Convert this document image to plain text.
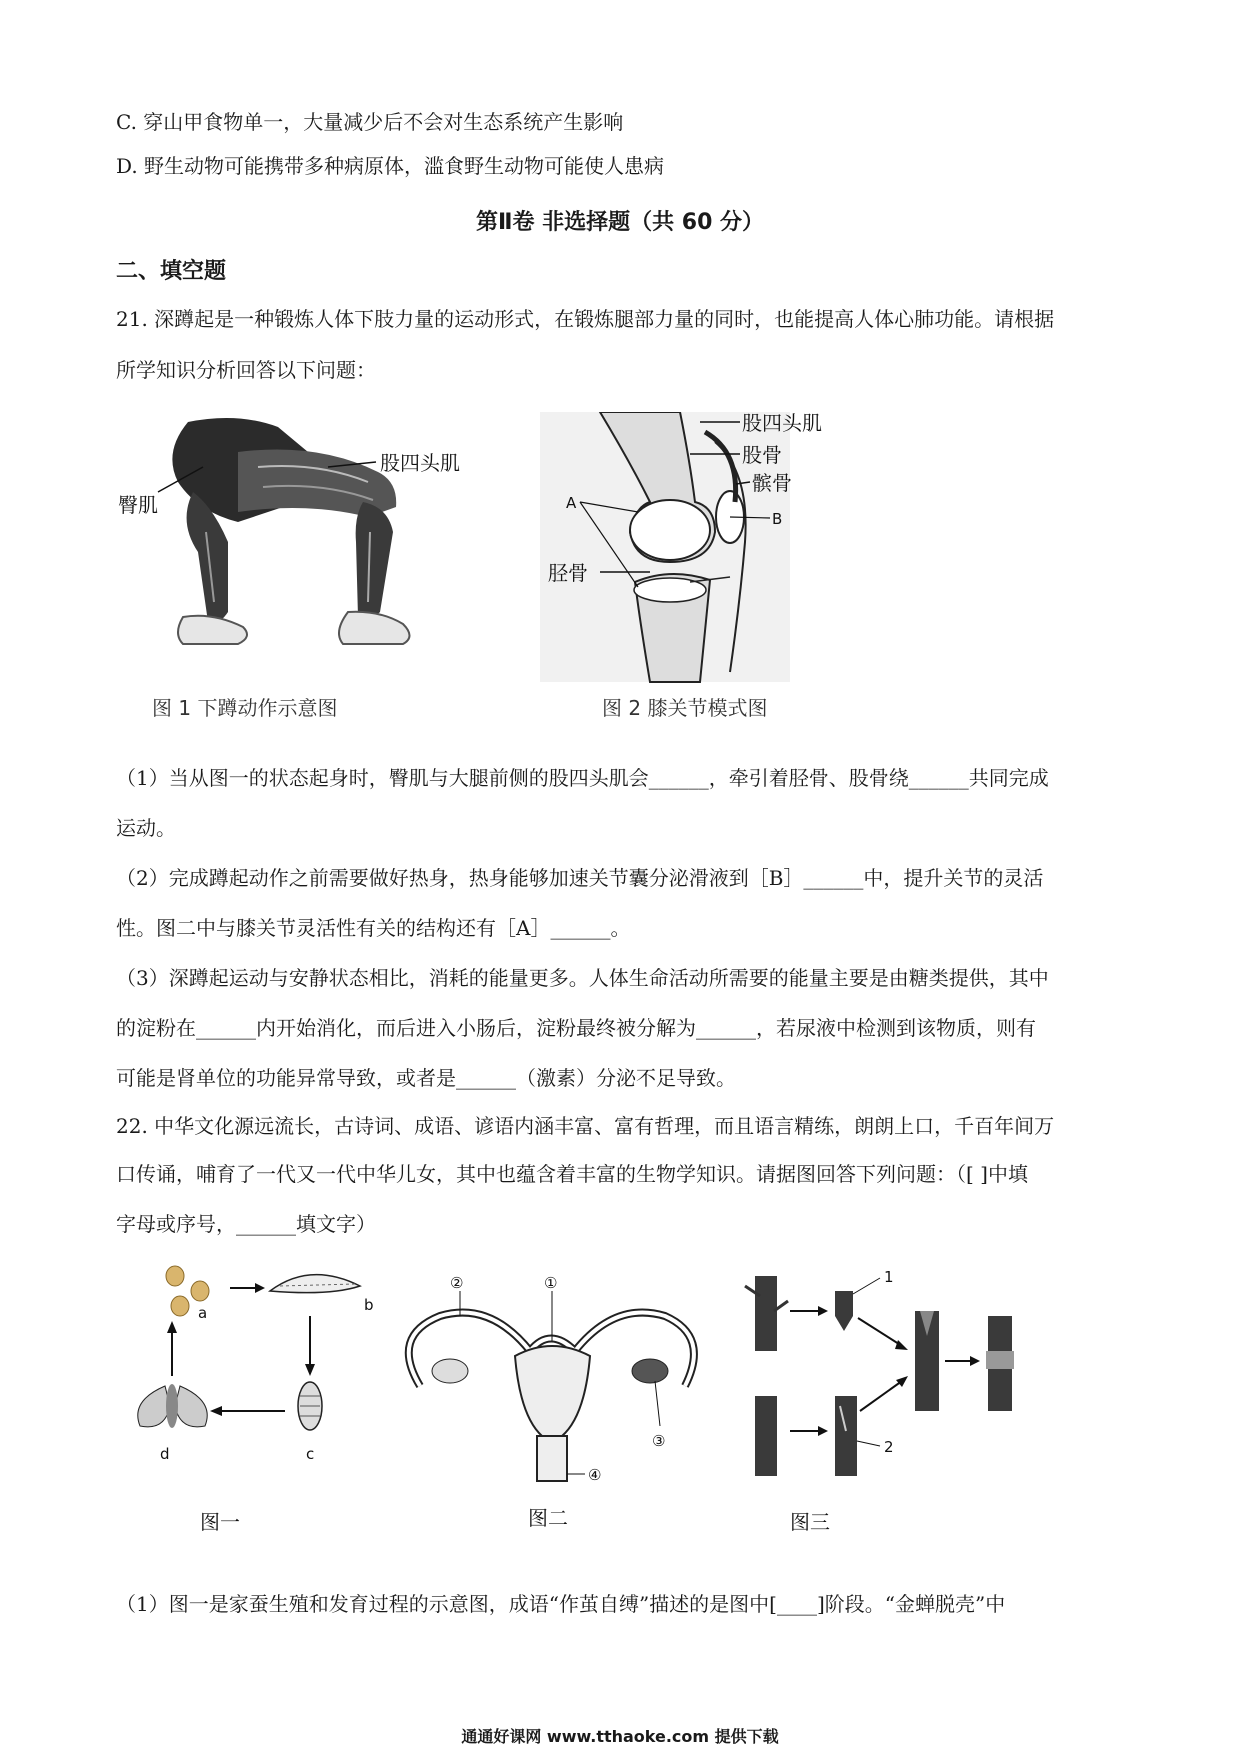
C. 穿山甲食物单一，大量减少后不会对生态系统产生影响
D. 野生动物可能携带多种病原体，滥食野生动物可能使人患病
第Ⅱ卷 非选择题（共 60 分）
二、填空题
21. 深蹲起是一种锻炼人体下肢力量的运动形式，在锻炼腿部力量的同时，也能提高人体心肺功能。请根据
所学知识分析回答以下问题：
股四头肌
臀肌
图 1 下蹲动作示意图
股四头肌
股骨
髌骨
A
B
胫骨
图 2 膝关节模式图
（1）当从图一的状态起身时，臀肌与大腿前侧的股四头肌会______，牵引着胫骨、股骨绕______共同完成
运动。
（2）完成蹲起动作之前需要做好热身，热身能够加速关节囊分泌滑液到［B］______中，提升关节的灵活
性。图二中与膝关节灵活性有关的结构还有［A］______。
（3）深蹲起运动与安静状态相比，消耗的能量更多。人体生命活动所需要的能量主要是由糖类提供，其中
的淀粉在______内开始消化，而后进入小肠后，淀粉最终被分解为______，若尿液中检测到该物质，则有
可能是肾单位的功能异常导致，或者是______（激素）分泌不足导致。
22. 中华文化源远流长，古诗词、成语、谚语内涵丰富、富有哲理，而且语言精练，朗朗上口，千百年间万
口传诵，哺育了一代又一代中华儿女，其中也蕴含着丰富的生物学知识。请据图回答下列问题：（[ ]中填
字母或序号，______填文字）
a	b
c
d
图一
②	①
③
④
图二
1
2
图三
（1）图一是家蚕生殖和发育过程的示意图，成语“作茧自缚”描述的是图中[____]阶段。“金蝉脱壳”中
通通好课网 www.tthaoke.com 提供下载
